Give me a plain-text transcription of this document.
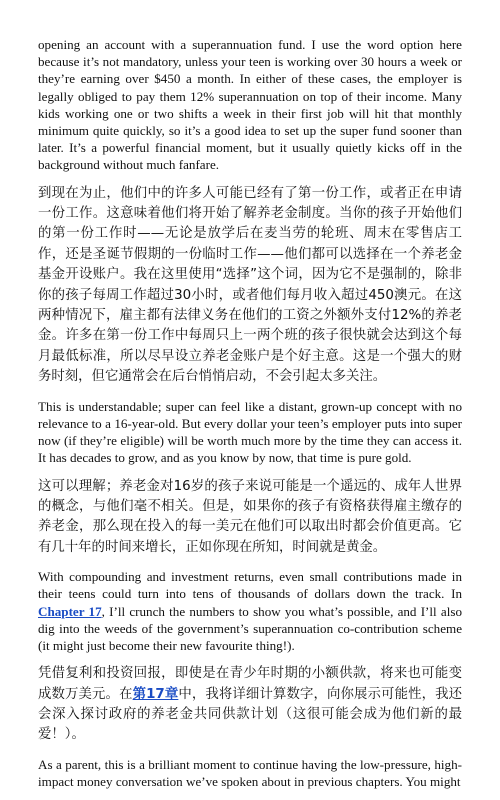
opening an account with a superannuation fund. I use the word option here because it’s not mandatory, unless your teen is working over 30 hours a week or they’re earning over $450 a month. In either of these cases, the employer is legally obliged to pay them 12% superannuation on top of their income. Many kids working one or two shifts a week in their first job will hit that monthly minimum quite quickly, so it’s a good idea to set up the super fund sooner than later. It’s a powerful financial moment, but it usually quietly kicks off in the background without much fanfare.

到现在为止，他们中的许多人可能已经有了第一份工作，或者正在申请一份工作。这意味着他们将开始了解养老金制度。当你的孩子开始他们的第一份工作时——无论是放学后在麦当劳的轮班、周末在零售店工作，还是圣诞节假期的一份临时工作——他们都可以选择在一个养老金基金开设账户。我在这里使用“选择”这个词，因为它不是强制的，除非你的孩子每周工作超过30小时，或者他们每月收入超过450澳元。在这两种情况下，雇主都有法律义务在他们的工资之外额外支付12%的养老金。许多在第一份工作中每周只上一两个班的孩子很快就会达到这个每月最低标准，所以尽早设立养老金账户是个好主意。这是一个强大的财务时刻，但它通常会在后台悄悄启动，不会引起太多关注。

This is understandable; super can feel like a distant, grown-up concept with no relevance to a 16-year-old. But every dollar your teen’s employer puts into super now (if they’re eligible) will be worth much more by the time they can access it. It has decades to grow, and as you know by now, that time is pure gold.

这可以理解；养老金对16岁的孩子来说可能是一个遥远的、成年人世界的概念，与他们毫不相关。但是，如果你的孩子有资格获得雇主缴存的养老金，那么现在投入的每一美元在他们可以取出时都会价值更高。它有几十年的时间来增长，正如你现在所知，时间就是黄金。

With compounding and investment returns, even small contributions made in their teens could turn into tens of thousands of dollars down the track. In Chapter 17, I’ll crunch the numbers to show you what’s possible, and I’ll also dig into the weeds of the government’s superannuation co-contribution scheme (it might just become their new favourite thing!).

凭借复利和投资回报，即使是在青少年时期的小额供款，将来也可能变成数万美元。在第17章中，我将详细计算数字，向你展示可能性，我还会深入探讨政府的养老金共同供款计划（这很可能会成为他们新的最爱！）。

As a parent, this is a brilliant moment to continue having the low-pressure, high-impact money conversation we’ve spoken about in previous chapters. You might
